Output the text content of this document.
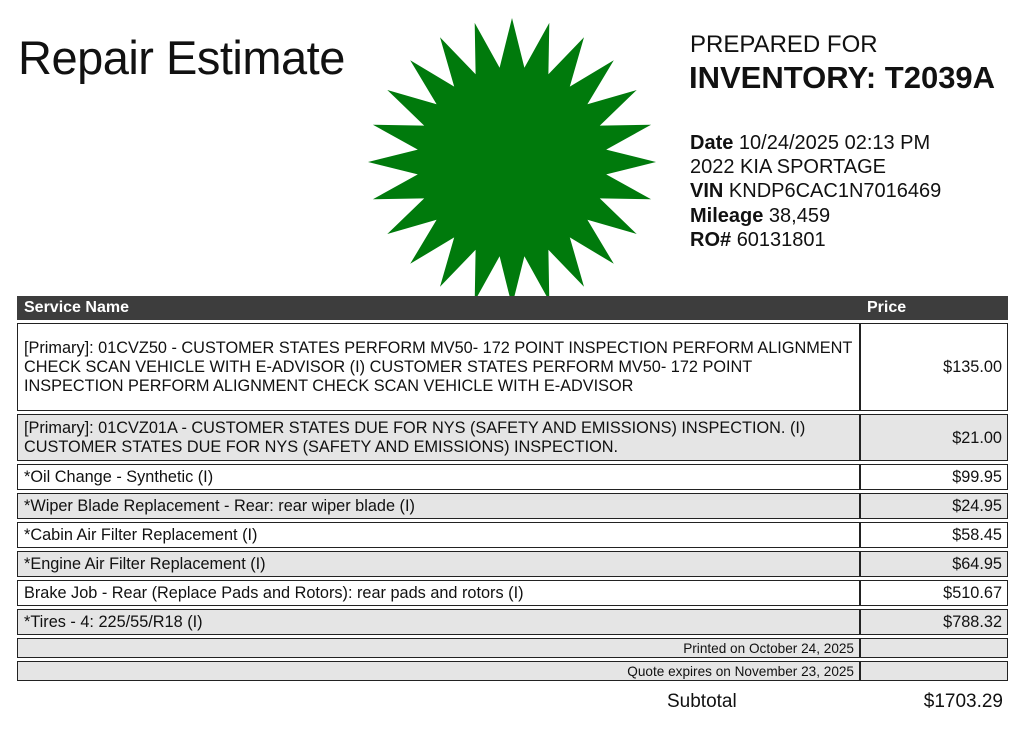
Repair Estimate	PREPARED FOR
INVENTORY: T2039A
Date 10/24/2025 02:13 PM
2022 KIA SPORTAGE
VIN KNDP6CAC1N7016469
Mileage 38,459
RO# 60131801
Service Name	Price
[Primary]: 01CVZ50 - CUSTOMER STATES PERFORM MV50- 172 POINT INSPECTION PERFORM ALIGNMENT CHECK SCAN VEHICLE WITH E-ADVISOR (I) CUSTOMER STATES PERFORM MV50- 172 POINT INSPECTION PERFORM ALIGNMENT CHECK SCAN VEHICLE WITH E-ADVISOR	$135.00
[Primary]: 01CVZ01A - CUSTOMER STATES DUE FOR NYS (SAFETY AND EMISSIONS) INSPECTION. (I) CUSTOMER STATES DUE FOR NYS (SAFETY AND EMISSIONS) INSPECTION.	$21.00
*Oil Change - Synthetic (I)	$99.95
*Wiper Blade Replacement - Rear: rear wiper blade (I)	$24.95
*Cabin Air Filter Replacement (I)	$58.45
*Engine Air Filter Replacement (I)	$64.95
Brake Job - Rear (Replace Pads and Rotors): rear pads and rotors (I)	$510.67
*Tires - 4: 225/55/R18 (I)	$788.32
Printed on October 24, 2025	
Quote expires on November 23, 2025	
Subtotal	$1703.29
